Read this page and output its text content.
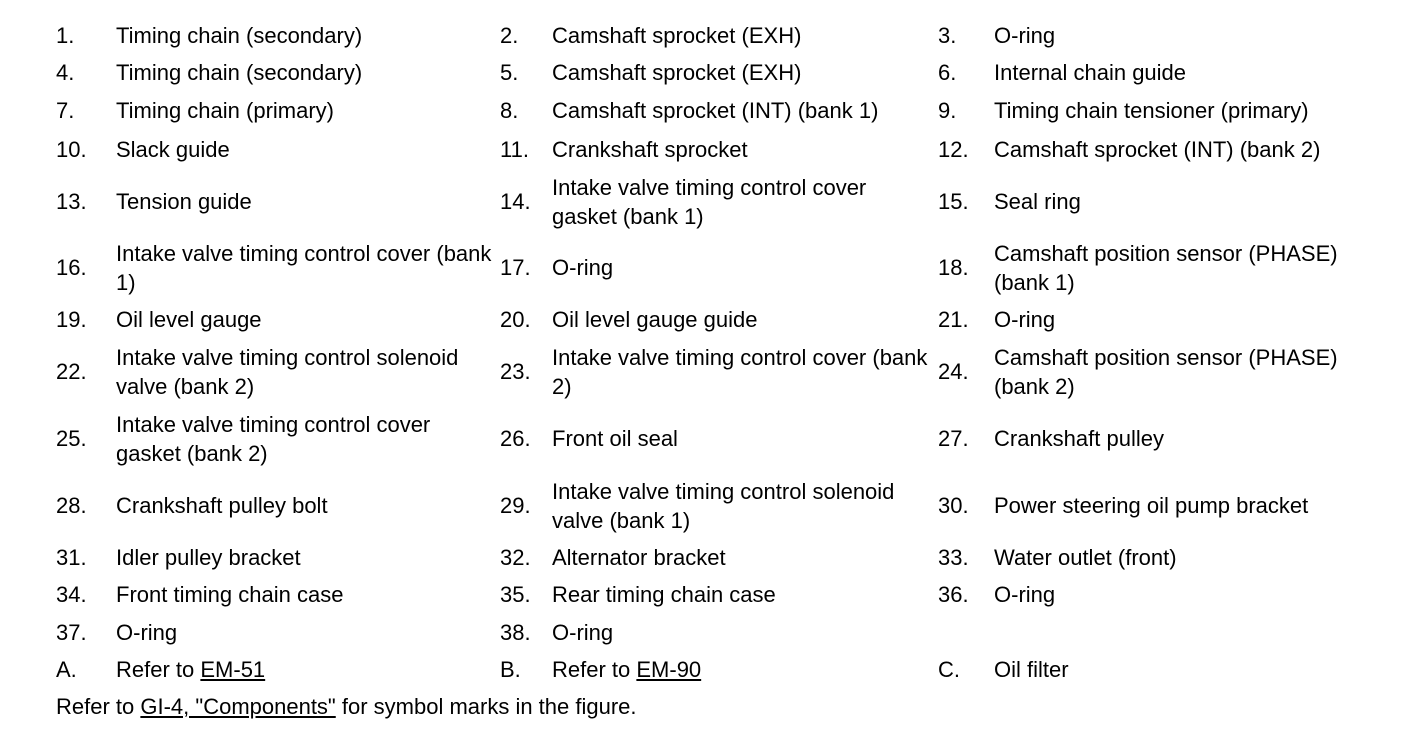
1.	Timing chain (secondary)	2.	Camshaft sprocket (EXH)	3.	O-ring
4.	Timing chain (secondary)	5.	Camshaft sprocket (EXH)	6.	Internal chain guide
7.	Timing chain (primary)	8.	Camshaft sprocket (INT) (bank 1)	9.	Timing chain tensioner (primary)
10.	Slack guide	11.	Crankshaft sprocket	12.	Camshaft sprocket (INT) (bank 2)
13.	Tension guide	14.	Intake valve timing control cover gasket (bank 1)	15.	Seal ring
16.	Intake valve timing control cover (bank 1)	17.	O-ring	18.	Camshaft position sensor (PHASE) (bank 1)
19.	Oil level gauge	20.	Oil level gauge guide	21.	O-ring
22.	Intake valve timing control solenoid valve (bank 2)	23.	Intake valve timing control cover (bank 2)	24.	Camshaft position sensor (PHASE) (bank 2)
25.	Intake valve timing control cover gasket (bank 2)	26.	Front oil seal	27.	Crankshaft pulley
28.	Crankshaft pulley bolt	29.	Intake valve timing control solenoid valve (bank 1)	30.	Power steering oil pump bracket
31.	Idler pulley bracket	32.	Alternator bracket	33.	Water outlet (front)
34.	Front timing chain case	35.	Rear timing chain case	36.	O-ring
37.	O-ring	38.	O-ring		
A.	Refer to EM-51	B.	Refer to EM-90	C.	Oil filter
Refer to GI-4, "Components" for symbol marks in the figure.
